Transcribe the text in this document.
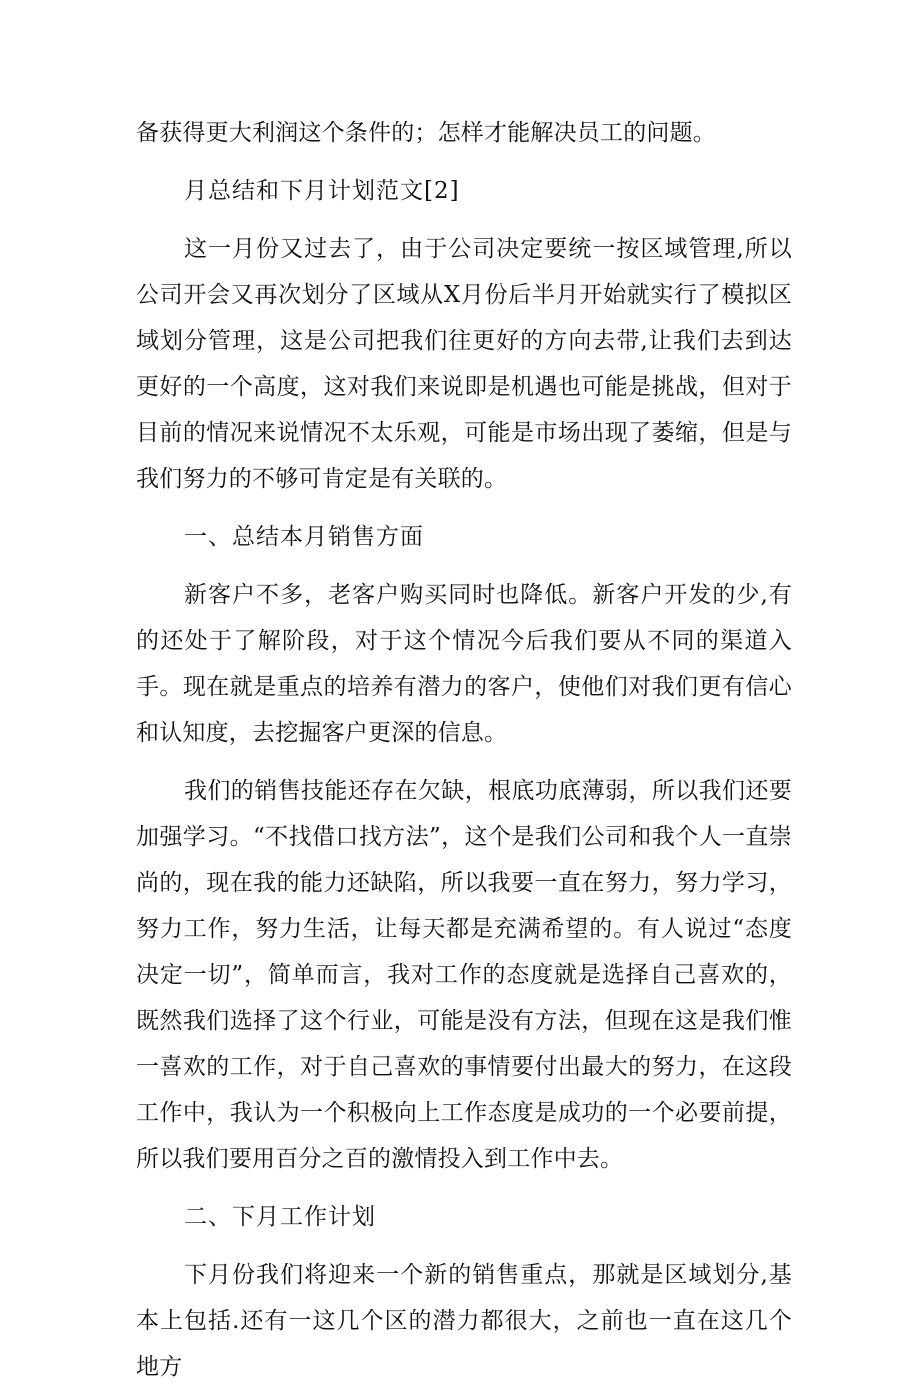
备获得更大利润这个条件的；怎样才能解决员工的问题。

月总结和下月计划范文[2]

这一月份又过去了，由于公司决定要统一按区域管理,所以公司开会又再次划分了区域从X月份后半月开始就实行了模拟区域划分管理，这是公司把我们往更好的方向去带,让我们去到达更好的一个高度，这对我们来说即是机遇也可能是挑战，但对于目前的情况来说情况不太乐观，可能是市场出现了萎缩，但是与我们努力的不够可肯定是有关联的。

一、总结本月销售方面

新客户不多，老客户购买同时也降低。新客户开发的少,有的还处于了解阶段，对于这个情况今后我们要从不同的渠道入手。现在就是重点的培养有潜力的客户，使他们对我们更有信心和认知度，去挖掘客户更深的信息。

我们的销售技能还存在欠缺，根底功底薄弱，所以我们还要加强学习。“不找借口找方法”，这个是我们公司和我个人一直崇尚的，现在我的能力还缺陷，所以我要一直在努力，努力学习，努力工作，努力生活，让每天都是充满希望的。有人说过“态度决定一切”，简单而言，我对工作的态度就是选择自己喜欢的，既然我们选择了这个行业，可能是没有方法，但现在这是我们惟一喜欢的工作，对于自己喜欢的事情要付出最大的努力，在这段工作中，我认为一个积极向上工作态度是成功的一个必要前提，所以我们要用百分之百的激情投入到工作中去。

二、下月工作计划

下月份我们将迎来一个新的销售重点，那就是区域划分,基本上包括.还有一这几个区的潜力都很大，之前也一直在这几个地方
